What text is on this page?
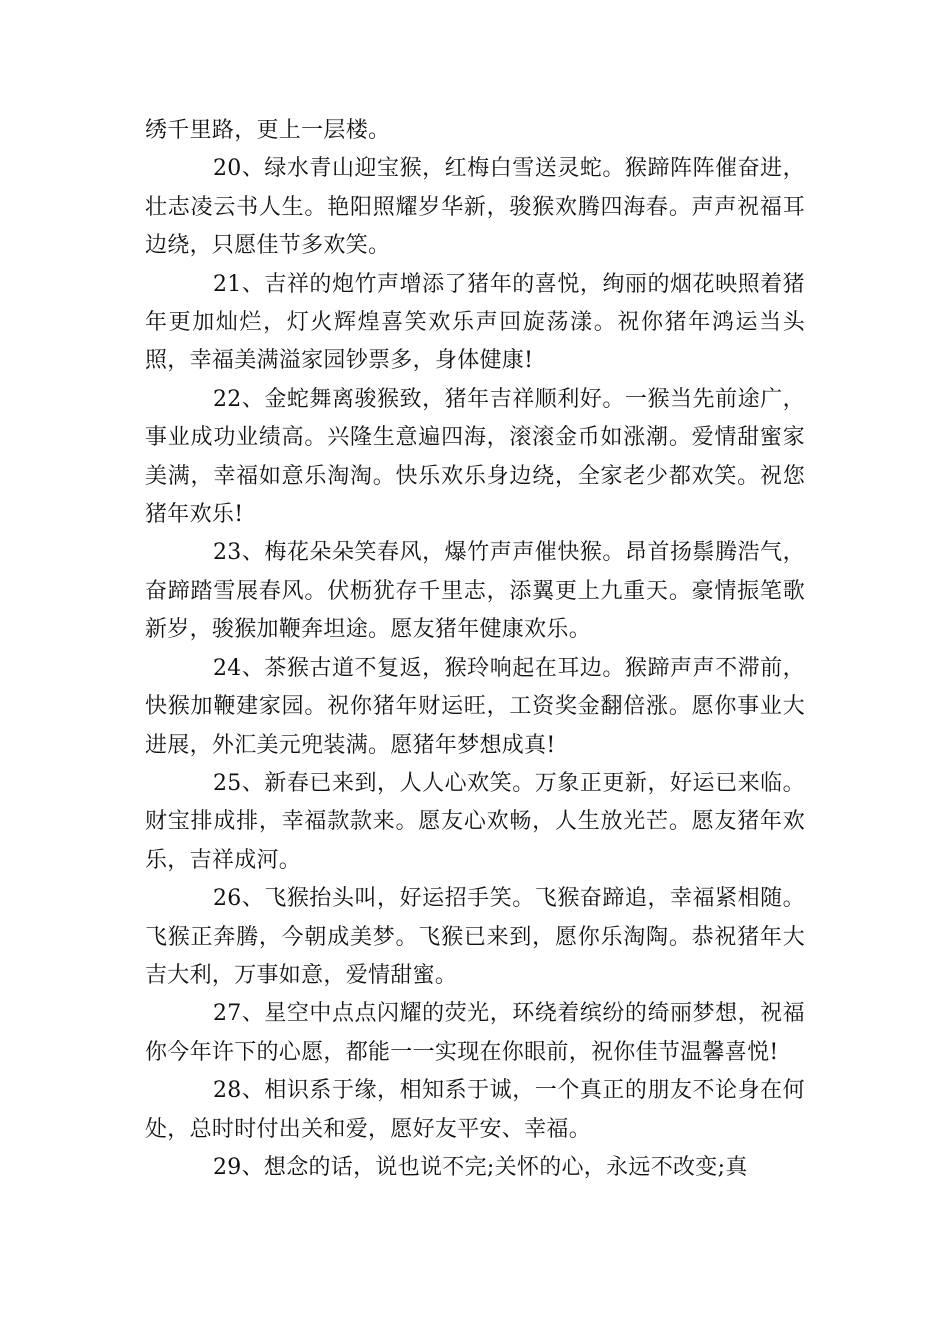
绣千里路，更上一层楼。

20、绿水青山迎宝猴，红梅白雪送灵蛇。猴蹄阵阵催奋进，壮志凌云书人生。艳阳照耀岁华新，骏猴欢腾四海春。声声祝福耳边绕，只愿佳节多欢笑。

21、吉祥的炮竹声增添了猪年的喜悦，绚丽的烟花映照着猪年更加灿烂，灯火辉煌喜笑欢乐声回旋荡漾。祝你猪年鸿运当头照，幸福美满溢家园钞票多，身体健康!

22、金蛇舞离骏猴致，猪年吉祥顺利好。一猴当先前途广，事业成功业绩高。兴隆生意遍四海，滚滚金币如涨潮。爱情甜蜜家美满，幸福如意乐淘淘。快乐欢乐身边绕，全家老少都欢笑。祝您猪年欢乐!

23、梅花朵朵笑春风，爆竹声声催快猴。昂首扬鬃腾浩气，奋蹄踏雪展春风。伏枥犹存千里志，添翼更上九重天。豪情振笔歌新岁，骏猴加鞭奔坦途。愿友猪年健康欢乐。

24、茶猴古道不复返，猴玲响起在耳边。猴蹄声声不滞前，快猴加鞭建家园。祝你猪年财运旺，工资奖金翻倍涨。愿你事业大进展，外汇美元兜装满。愿猪年梦想成真!

25、新春已来到，人人心欢笑。万象正更新，好运已来临。财宝排成排，幸福款款来。愿友心欢畅，人生放光芒。愿友猪年欢乐，吉祥成河。

26、飞猴抬头叫，好运招手笑。飞猴奋蹄追，幸福紧相随。飞猴正奔腾，今朝成美梦。飞猴已来到，愿你乐淘陶。恭祝猪年大吉大利，万事如意，爱情甜蜜。

27、星空中点点闪耀的荧光，环绕着缤纷的绮丽梦想，祝福你今年许下的心愿，都能一一实现在你眼前，祝你佳节温馨喜悦!

28、相识系于缘，相知系于诚，一个真正的朋友不论身在何处，总时时付出关和爱，愿好友平安、幸福。

29、想念的话，说也说不完;关怀的心，永远不改变;真
